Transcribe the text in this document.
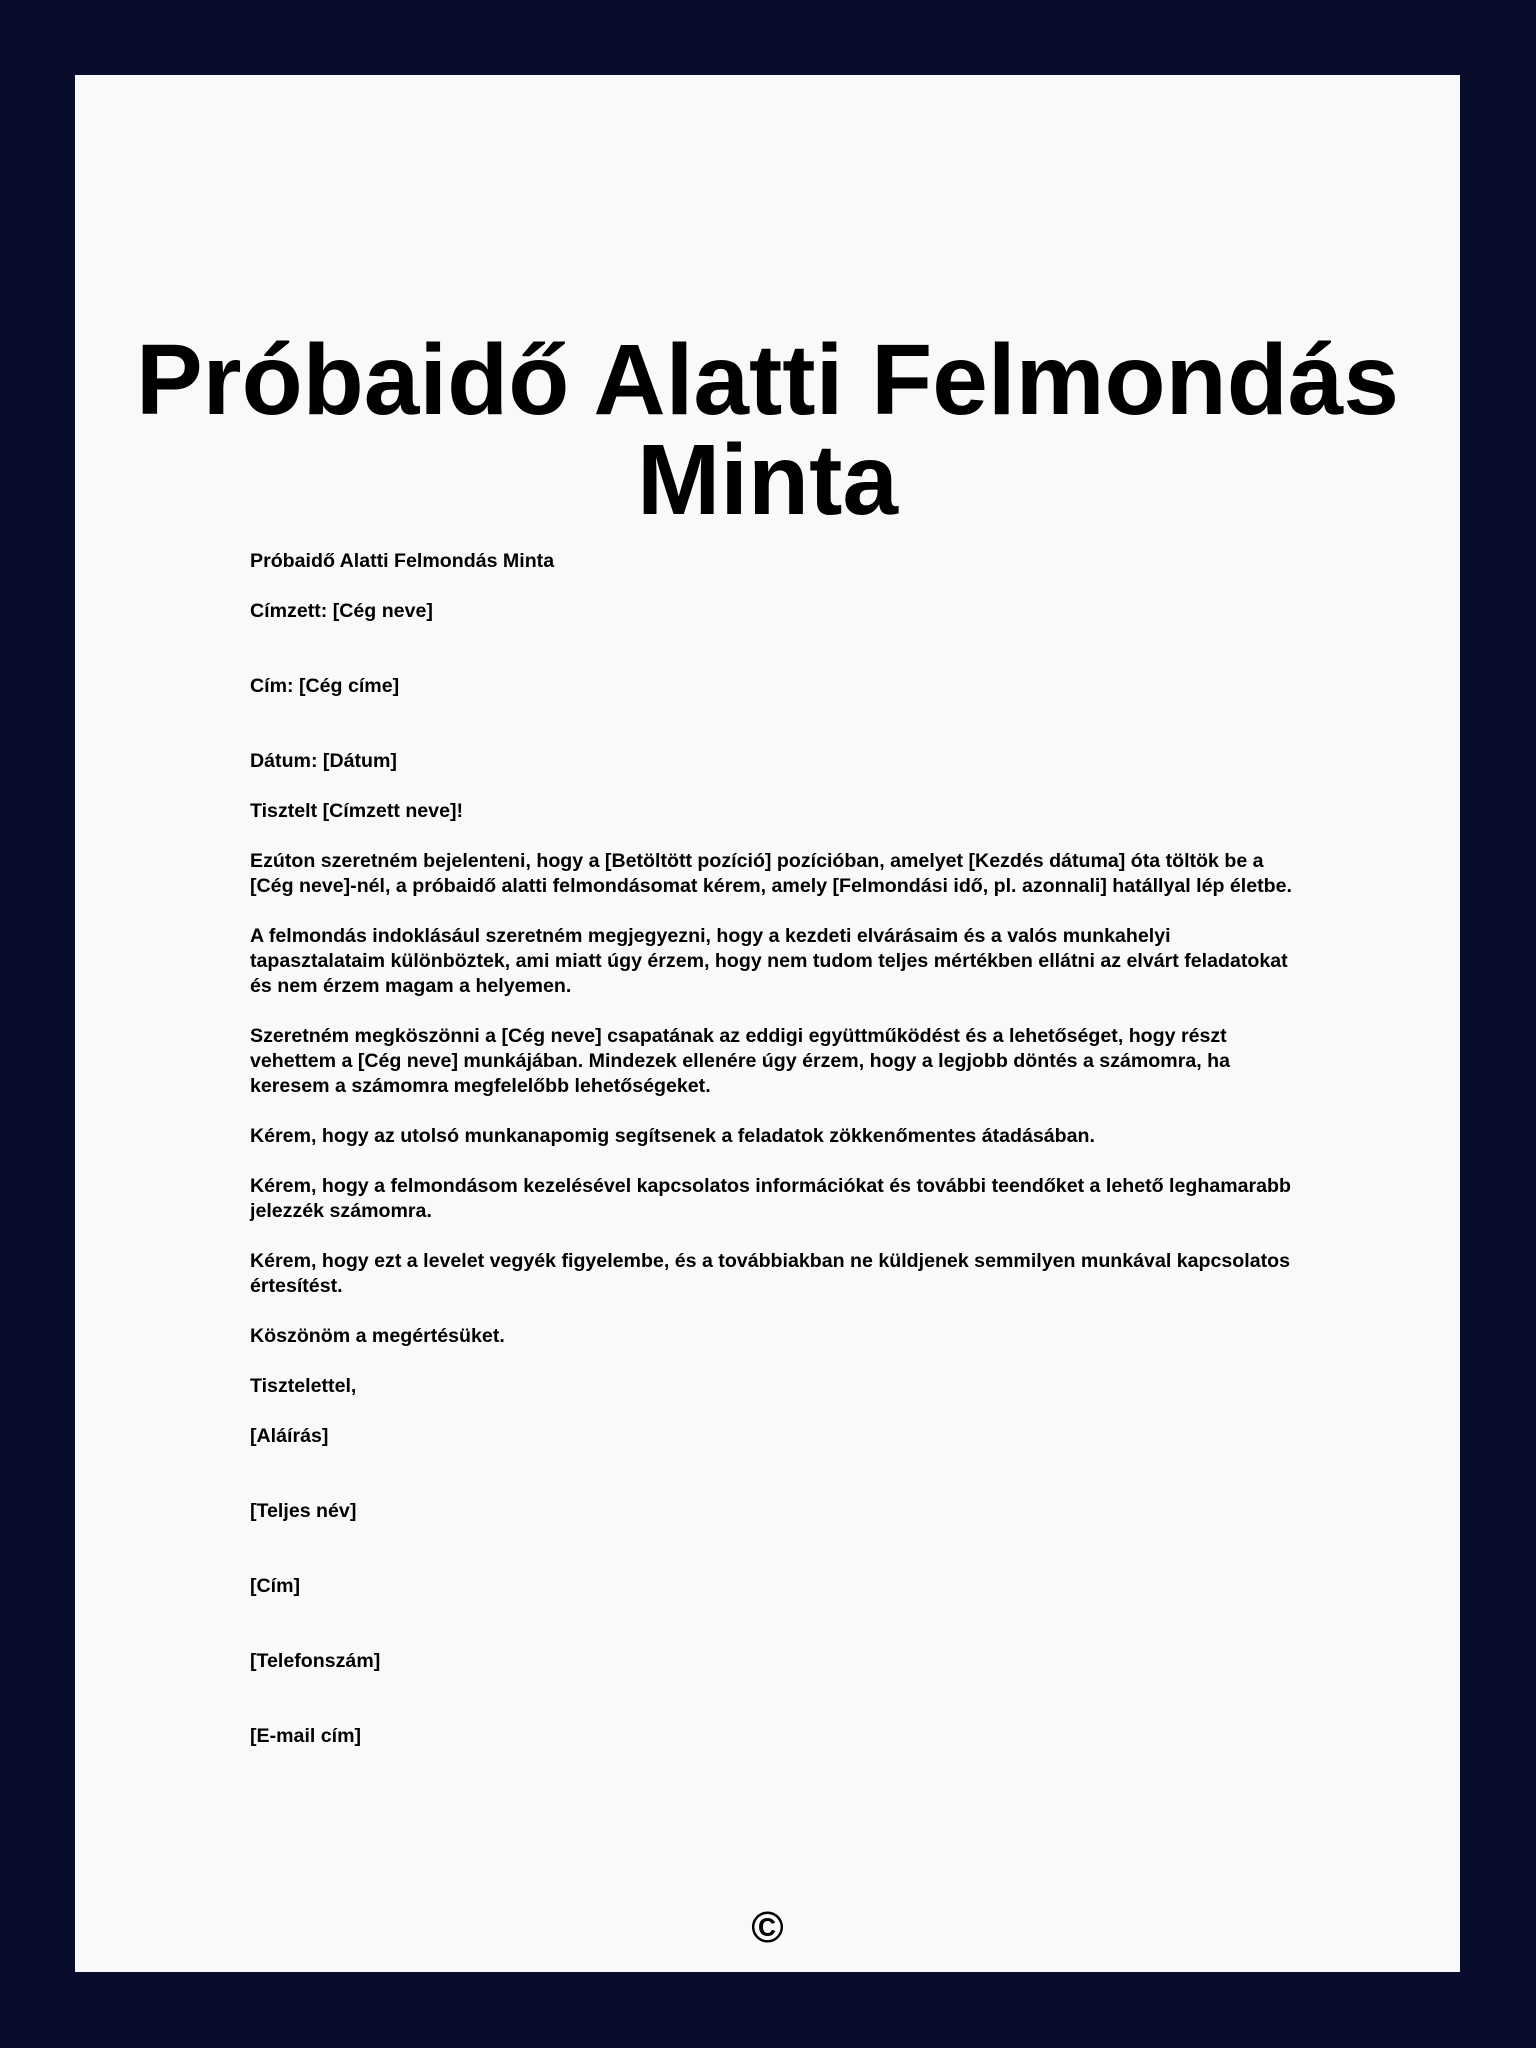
Próbaidő Alatti Felmondás Minta

Próbaidő Alatti Felmondás Minta

Címzett: [Cég neve]

Cím: [Cég címe]

Dátum: [Dátum]

Tisztelt [Címzett neve]!

Ezúton szeretném bejelenteni, hogy a [Betöltött pozíció] pozícióban, amelyet [Kezdés dátuma] óta töltök be a [Cég neve]-nél, a próbaidő alatti felmondásomat kérem, amely [Felmondási idő, pl. azonnali] hatállyal lép életbe.

A felmondás indoklásául szeretném megjegyezni, hogy a kezdeti elvárásaim és a valós munkahelyi tapasztalataim különböztek, ami miatt úgy érzem, hogy nem tudom teljes mértékben ellátni az elvárt feladatokat és nem érzem magam a helyemen.

Szeretném megköszönni a [Cég neve] csapatának az eddigi együttműködést és a lehetőséget, hogy részt vehettem a [Cég neve] munkájában. Mindezek ellenére úgy érzem, hogy a legjobb döntés a számomra, ha keresem a számomra megfelelőbb lehetőségeket.

Kérem, hogy az utolsó munkanapomig segítsenek a feladatok zökkenőmentes átadásában.

Kérem, hogy a felmondásom kezelésével kapcsolatos információkat és további teendőket a lehető leghamarabb jelezzék számomra.

Kérem, hogy ezt a levelet vegyék figyelembe, és a továbbiakban ne küldjenek semmilyen munkával kapcsolatos értesítést.

Köszönöm a megértésüket.

Tisztelettel,

[Aláírás]

[Teljes név]

[Cím]

[Telefonszám]

[E-mail cím]

©
